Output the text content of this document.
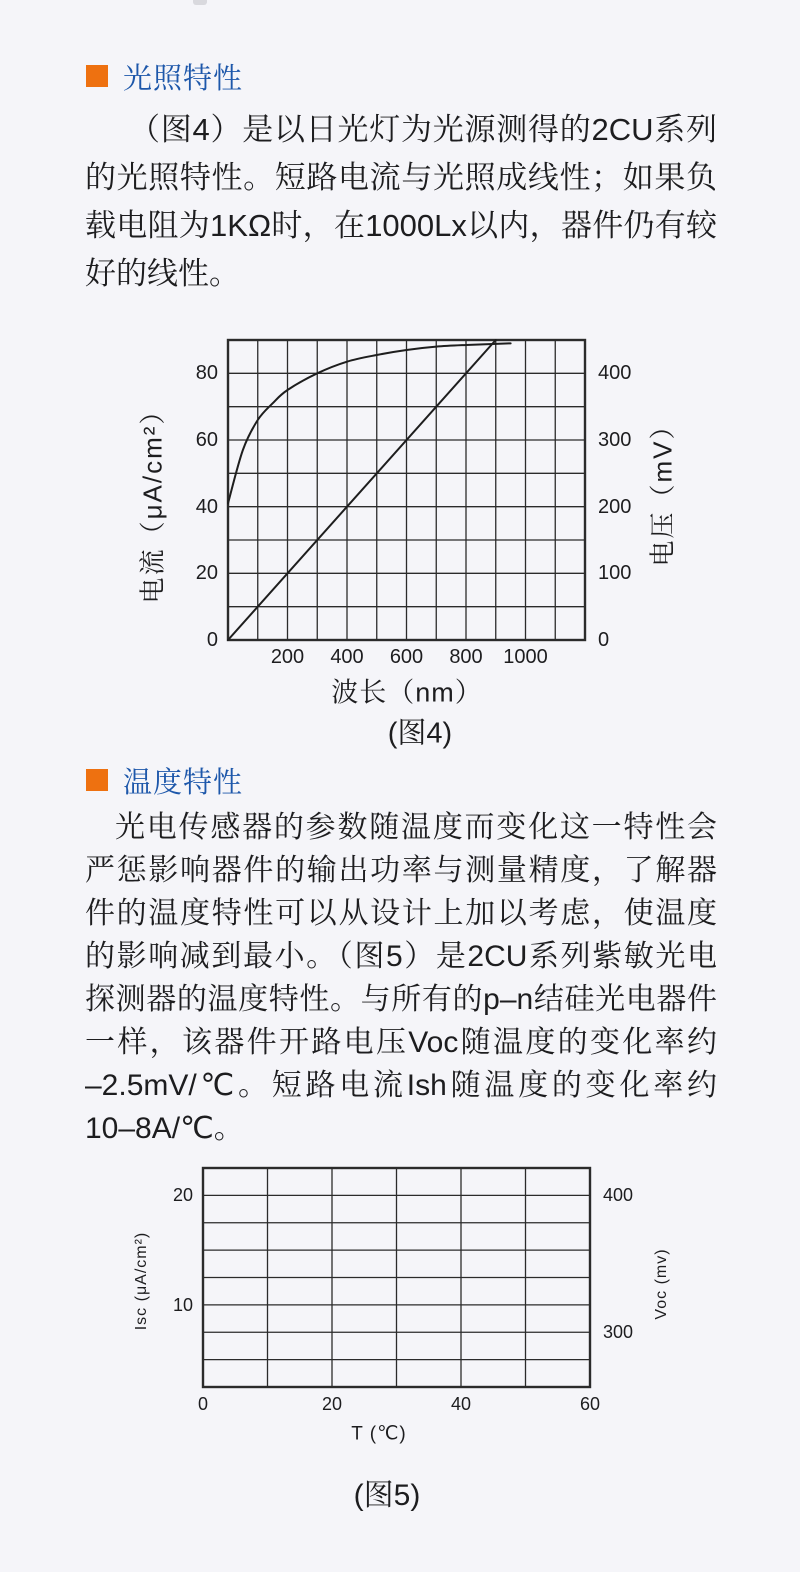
光照特性
（图4）是以日光灯为光源测得的2CU系列
的光照特性。短路电流与光照成线性；如果负
载电阻为1KΩ时，在1000Lx以内，器件仍有较
好的线性。
电流（μA/cm²）	电压（mV）
波长（nm）
(图4)
200 400 600 800 1000
0
20
40
60
80
0
100
200
300
400
温度特性
光电传感器的参数随温度而变化这一特性会
严惩影响器件的输出功率与测量精度，了解器
件的温度特性可以从设计上加以考虑，使温度
的影响减到最小。（图5）是2CU系列紫敏光电
探测器的温度特性。与所有的p–n结硅光电器件
一样，该器件开路电压Voc随温度的变化率约
–2.5mV/℃。短路电流Ish随温度的变化率约
10–8A/℃。
Isc (μA/cm²)	Voc (mv)
T (℃)
(图5)
0	20	40	60
10
20
300
400
